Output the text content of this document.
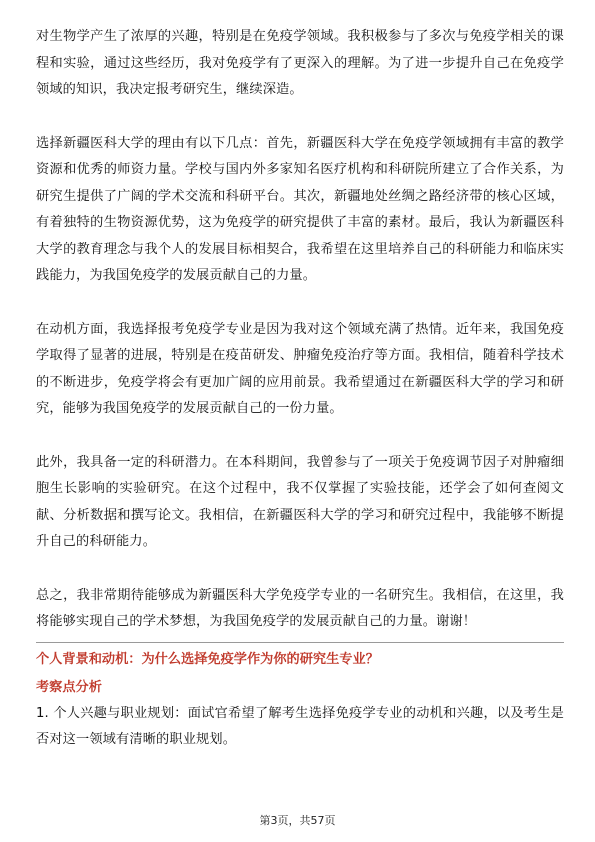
对生物学产生了浓厚的兴趣，特别是在免疫学领域。我积极参与了多次与免疫学相关的课程和实验，通过这些经历，我对免疫学有了更深入的理解。为了进一步提升自己在免疫学领域的知识，我决定报考研究生，继续深造。

选择新疆医科大学的理由有以下几点：首先，新疆医科大学在免疫学领域拥有丰富的教学资源和优秀的师资力量。学校与国内外多家知名医疗机构和科研院所建立了合作关系，为研究生提供了广阔的学术交流和科研平台。其次，新疆地处丝绸之路经济带的核心区域，有着独特的生物资源优势，这为免疫学的研究提供了丰富的素材。最后，我认为新疆医科大学的教育理念与我个人的发展目标相契合，我希望在这里培养自己的科研能力和临床实践能力，为我国免疫学的发展贡献自己的力量。

在动机方面，我选择报考免疫学专业是因为我对这个领域充满了热情。近年来，我国免疫学取得了显著的进展，特别是在疫苗研发、肿瘤免疫治疗等方面。我相信，随着科学技术的不断进步，免疫学将会有更加广阔的应用前景。我希望通过在新疆医科大学的学习和研究，能够为我国免疫学的发展贡献自己的一份力量。

此外，我具备一定的科研潜力。在本科期间，我曾参与了一项关于免疫调节因子对肿瘤细胞生长影响的实验研究。在这个过程中，我不仅掌握了实验技能，还学会了如何查阅文献、分析数据和撰写论文。我相信，在新疆医科大学的学习和研究过程中，我能够不断提升自己的科研能力。

总之，我非常期待能够成为新疆医科大学免疫学专业的一名研究生。我相信，在这里，我将能够实现自己的学术梦想，为我国免疫学的发展贡献自己的力量。谢谢！

个人背景和动机：为什么选择免疫学作为你的研究生专业？
考察点分析

1. 个人兴趣与职业规划：面试官希望了解考生选择免疫学专业的动机和兴趣，以及考生是否对这一领域有清晰的职业规划。

第3页，共57页
